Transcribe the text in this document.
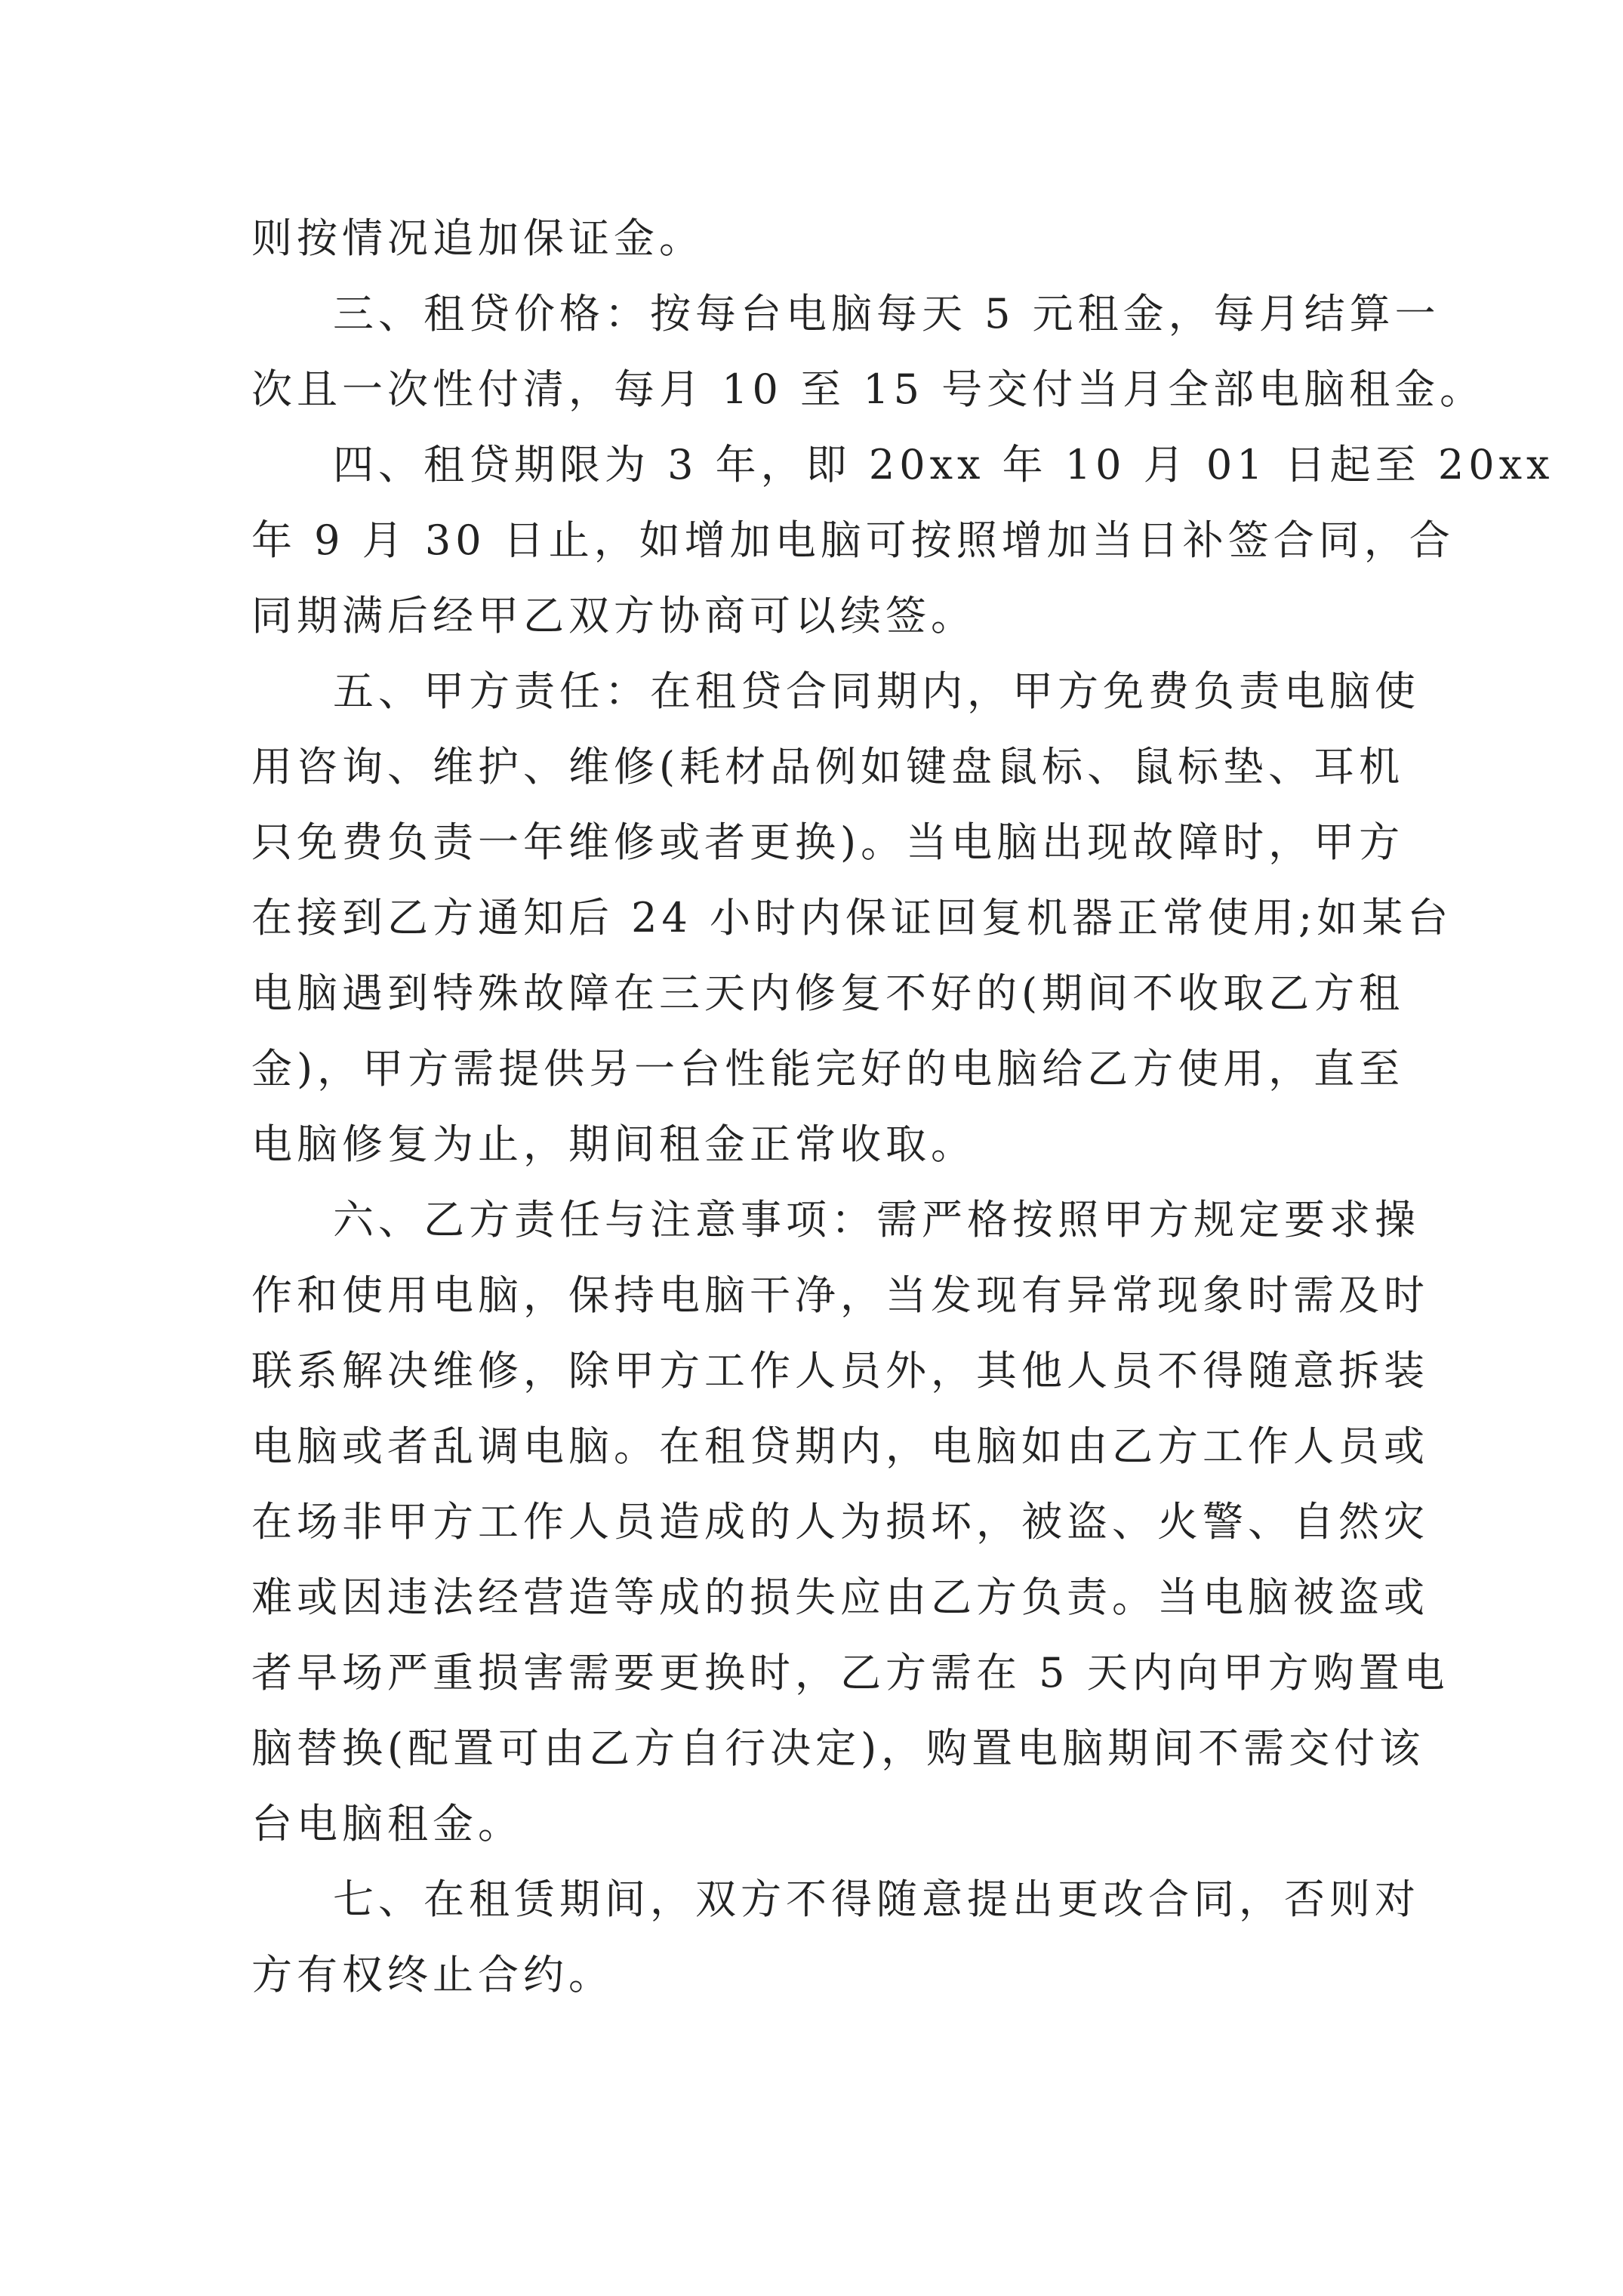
则按情况追加保证金。
三、租贷价格：按每台电脑每天 5 元租金，每月结算一
次且一次性付清，每月 10 至 15 号交付当月全部电脑租金。
四、租贷期限为 3 年，即 20xx 年 10 月 01 日起至 20xx
年 9 月 30 日止，如增加电脑可按照增加当日补签合同，合
同期满后经甲乙双方协商可以续签。
五、甲方责任：在租贷合同期内，甲方免费负责电脑使
用咨询、维护、维修(耗材品例如键盘鼠标、鼠标垫、耳机
只免费负责一年维修或者更换)。当电脑出现故障时，甲方
在接到乙方通知后 24 小时内保证回复机器正常使用;如某台
电脑遇到特殊故障在三天内修复不好的(期间不收取乙方租
金)，甲方需提供另一台性能完好的电脑给乙方使用，直至
电脑修复为止，期间租金正常收取。
六、乙方责任与注意事项：需严格按照甲方规定要求操
作和使用电脑，保持电脑干净，当发现有异常现象时需及时
联系解决维修，除甲方工作人员外，其他人员不得随意拆装
电脑或者乱调电脑。在租贷期内，电脑如由乙方工作人员或
在场非甲方工作人员造成的人为损坏，被盗、火警、自然灾
难或因违法经营造等成的损失应由乙方负责。当电脑被盗或
者早场严重损害需要更换时，乙方需在 5 天内向甲方购置电
脑替换(配置可由乙方自行决定)，购置电脑期间不需交付该
台电脑租金。
七、在租赁期间，双方不得随意提出更改合同，否则对
方有权终止合约。
